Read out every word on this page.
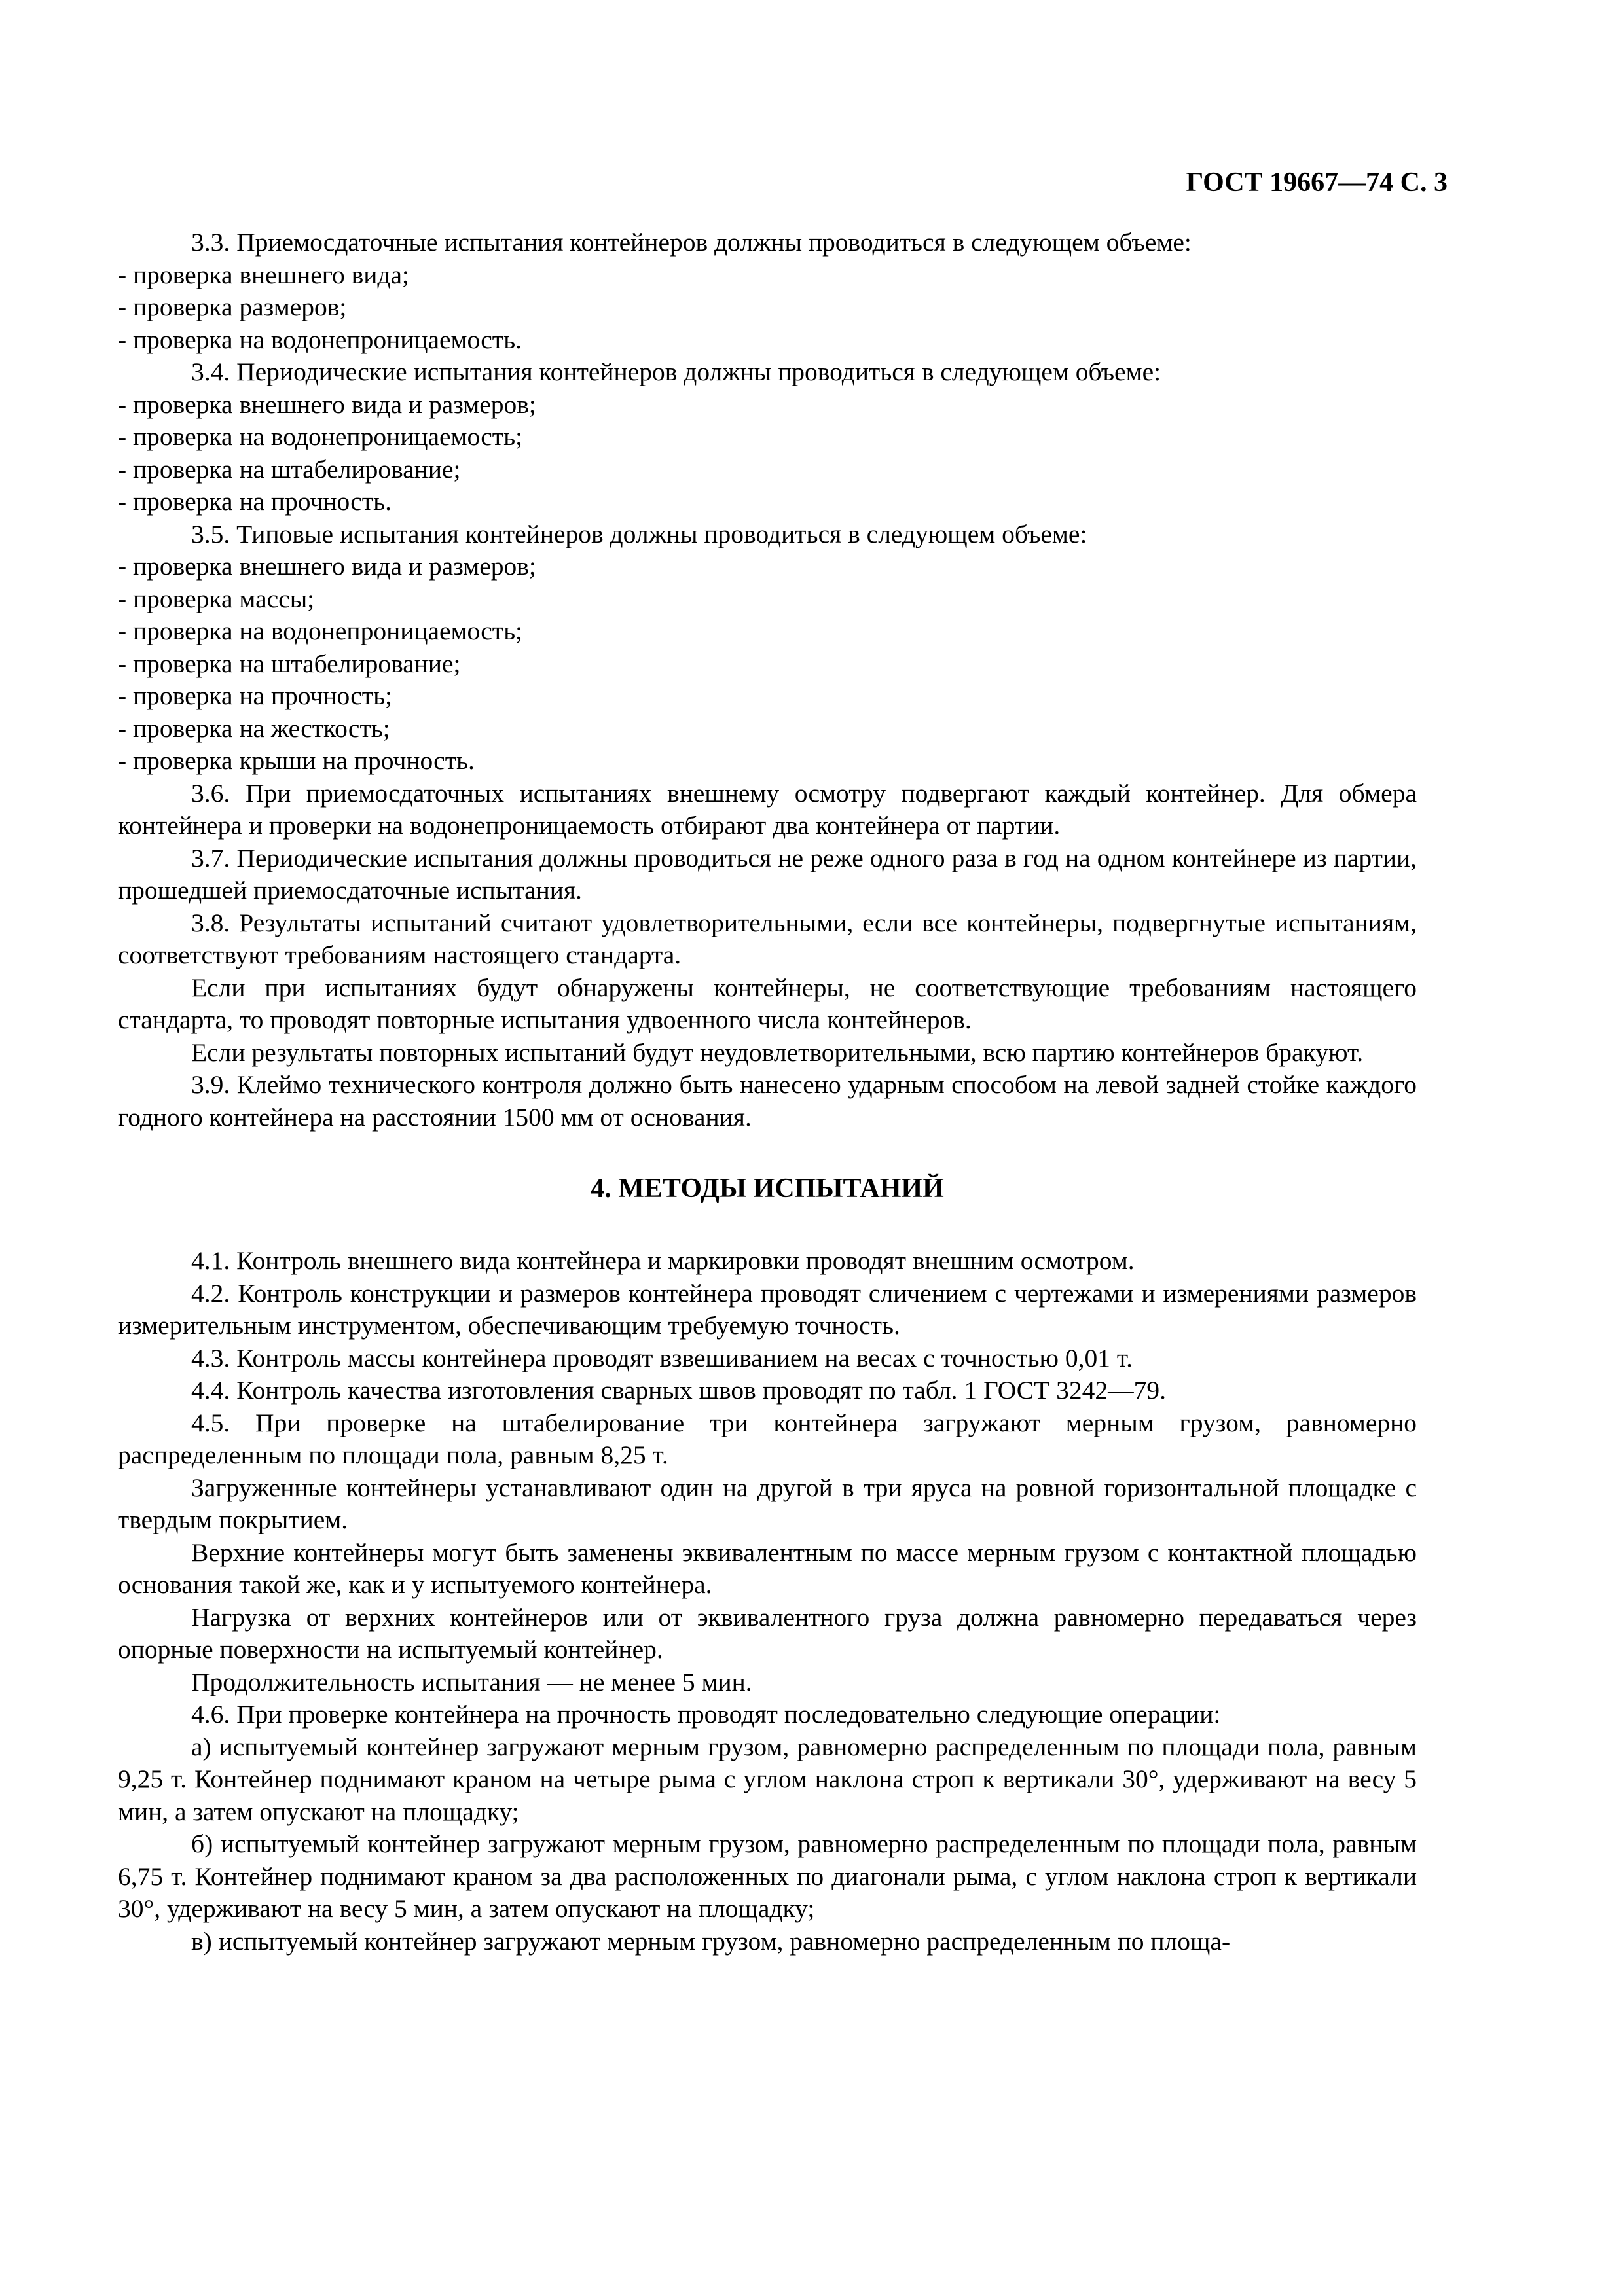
ГОСТ 19667—74 С. 3

3.3. Приемосдаточные испытания контейнеров должны проводиться в следующем объеме:

- проверка внешнего вида;

- проверка размеров;

- проверка на водонепроницаемость.

3.4. Периодические испытания контейнеров должны проводиться в следующем объеме:

- проверка внешнего вида и размеров;

- проверка на водонепроницаемость;

- проверка на штабелирование;

- проверка на прочность.

3.5. Типовые испытания контейнеров должны проводиться в следующем объеме:

- проверка внешнего вида и размеров;

- проверка массы;

- проверка на водонепроницаемость;

- проверка на штабелирование;

- проверка на прочность;

- проверка на жесткость;

- проверка крыши на прочность.

3.6. При приемосдаточных испытаниях внешнему осмотру подвергают каждый контейнер. Для обмера контейнера и проверки на водонепроницаемость отбирают два контейнера от партии.

3.7. Периодические испытания должны проводиться не реже одного раза в год на одном контейнере из партии, прошедшей приемосдаточные испытания.

3.8. Результаты испытаний считают удовлетворительными, если все контейнеры, подвергнутые испытаниям, соответствуют требованиям настоящего стандарта.

Если при испытаниях будут обнаружены контейнеры, не соответствующие требованиям настоящего стандарта, то проводят повторные испытания удвоенного числа контейнеров.

Если результаты повторных испытаний будут неудовлетворительными, всю партию контейнеров бракуют.

3.9. Клеймо технического контроля должно быть нанесено ударным способом на левой задней стойке каждого годного контейнера на расстоянии 1500 мм от основания.

4. МЕТОДЫ ИСПЫТАНИЙ

4.1. Контроль внешнего вида контейнера и маркировки проводят внешним осмотром.

4.2. Контроль конструкции и размеров контейнера проводят сличением с чертежами и измерениями размеров измерительным инструментом, обеспечивающим требуемую точность.

4.3. Контроль массы контейнера проводят взвешиванием на весах с точностью 0,01 т.

4.4. Контроль качества изготовления сварных швов проводят по табл. 1 ГОСТ 3242—79.

4.5. При проверке на штабелирование три контейнера загружают мерным грузом, равномерно распределенным по площади пола, равным 8,25 т.

Загруженные контейнеры устанавливают один на другой в три яруса на ровной горизонтальной площадке с твердым покрытием.

Верхние контейнеры могут быть заменены эквивалентным по массе мерным грузом с контактной площадью основания такой же, как и у испытуемого контейнера.

Нагрузка от верхних контейнеров или от эквивалентного груза должна равномерно передаваться через опорные поверхности на испытуемый контейнер.

Продолжительность испытания — не менее 5 мин.

4.6. При проверке контейнера на прочность проводят последовательно следующие операции:

а) испытуемый контейнер загружают мерным грузом, равномерно распределенным по площади пола, равным 9,25 т. Контейнер поднимают краном на четыре рыма с углом наклона строп к вертикали 30°, удерживают на весу 5 мин, а затем опускают на площадку;

б) испытуемый контейнер загружают мерным грузом, равномерно распределенным по площади пола, равным 6,75 т. Контейнер поднимают краном за два расположенных по диагонали рыма, с углом наклона строп к вертикали 30°, удерживают на весу 5 мин, а затем опускают на площадку;

в) испытуемый контейнер загружают мерным грузом, равномерно распределенным по площа-
